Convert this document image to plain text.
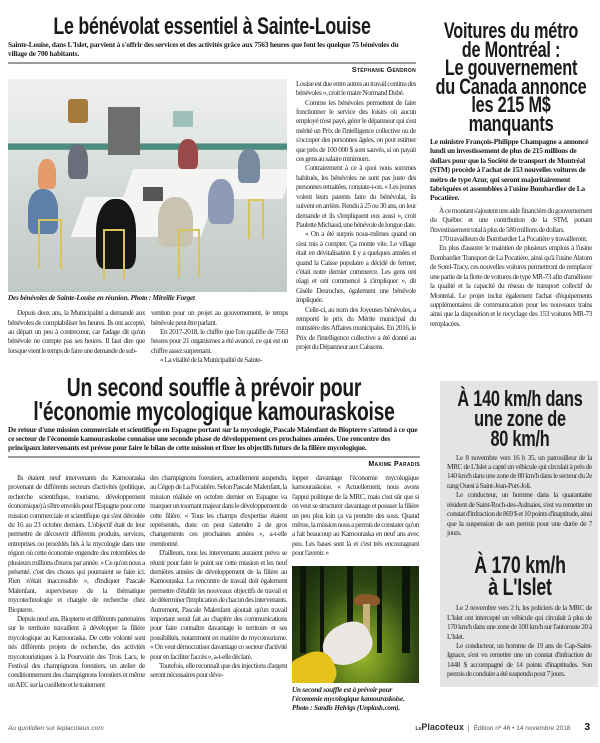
Le bénévolat essentiel à Sainte-Louise
Sainte-Louise, dans L'Islet, parvient à s'offrir des services et des activités grâce aux 7563 heures que font les quelque 75 bénévoles du village de 700 habitants.
Stéphanie Gendron
Des bénévoles de Sainte-Louise en réunion. Photo : Mireille Forget

Depuis deux ans, la Municipalité a demandé aux bénévoles de comptabiliser les heures. Ils ont accepté, au départ un peu à contrecœur, car l'adage dit qu'un bénévole ne compte pas ses heures. Il faut dire que lorsque vient le temps de faire une demande de sub-

vention pour un projet au gouvernement, le temps bénévole peut être parlant.

En 2017-2018, le chiffre que l'on qualifie de 7563 heures pour 21 organismes a été avancé, ce qui est un chiffre assez surprenant.

« La vitalité de la Municipalité de Sainte-

Louise est due entre autres au travail continu des bénévoles », croit le maire Normand Dubé.

Comme les bénévoles permettent de faire fonctionner le service des loisirs où aucun employé n'est payé, gérer le dépanneur qui s'est mérité un Prix de l'intelligence collective ou de s'occuper des personnes âgées, on peut estimer que près de 100 000 $ sont sauvés, si on payait ces gens au salaire minimum.

Contrairement à ce à quoi nous sommes habitués, les bénévoles ne sont pas juste des personnes retraitées, constate-t-on. « Les jeunes voient leurs parents faire du bénévolat, ils suivent en arrière. Rendu à 25 ou 30 ans, on leur demande et ils s'impliquent eux aussi », croit Paulette Michaud, une bénévole de longue date.

« On a été surpris nous-mêmes quand on s'est mis à compter. Ça monte vite. Le village était en dévitalisation il y a quelques années et quand la Caisse populaire a décidé de fermer, c'était notre dernier commerce. Les gens ont réagi et ont commencé à s'impliquer », dit Gisèle Desroches, également une bénévole impliquée.

Celle-ci, au nom des Joyeuses bénévoles, a remporté le prix du Mérite municipal du ministère des Affaires municipales. En 2016, le Prix de l'intelligence collective a été donné au projet du Dépanneur aux Caissons.

Voitures du métro
de Montréal :
Le gouvernement
du Canada annonce
les 215 M$
manquants
Le ministre François-Philippe Champagne a annoncé lundi un investissement de plus de 215 millions de dollars pour que la Société de transport de Montréal (STM) procède à l'achat de 153 nouvelles voitures de métro de type Azur, qui seront majoritairement fabriquées et assemblées à l'usine Bombardier de La Pocatière.

À ce montant s'ajoutent une aide financière du gouvernement du Québec et une contribution de la STM, portant l'investissement total à plus de 580 millions de dollars.

170 travailleurs de Bombardier La Pocatière y travailleront.

En plus d'assurer le maintien de plusieurs emplois à l'usine Bombardier Transport de La Pocatière, ainsi qu'à l'usine Alstom de Sorel-Tracy, ces nouvelles voitures permettront de remplacer une partie de la flotte de voitures de type MR-73 afin d'améliorer la qualité et la capacité du réseau de transport collectif de Montréal. Le projet inclut également l'achat d'équipements supplémentaires de communication pour les nouveaux trains ainsi que la disposition et le recyclage des 153 voitures MR-73 remplacées.

Un second souffle à prévoir pour
l'économie mycologique kamouraskoise
De retour d'une mission commerciale et scientifique en Espagne portant sur la mycologie, Pascale Malenfant de Biopterre s'attend à ce que ce secteur de l'économie kamouraskoise connaisse une seconde phase de développement ces prochaines années. Une rencontre des principaux intervenants est prévue pour faire le bilan de cette mission et fixer les objectifs futurs de la filière mycologique.
Maxime Paradis

Ils étaient neuf intervenants du Kamouraska provenant de différents secteurs d'activités (politique, recherche scientifique, tourisme, développement économique) à s'être envolés pour l'Espagne pour cette mission commerciale et scientifique qui s'est déroulée du 16 au 23 octobre derniers. L'objectif était de leur permettre de découvrir différents produits, services, entreprises ou procédés liés à la mycologie dans une région où cette économie engendre des retombées de plusieurs millions d'euros par année. « Ce qu'on nous a présenté, c'est des choses qui pourraient se faire ici. Rien n'était inaccessible », d'indiquer Pascale Malenfant, superviseure de la thématique mycotechnologie et chargée de recherche chez Biopterre.

Depuis neuf ans, Biopterre et différents partenaires sur le territoire travaillent à développer la filière mycologique au Kamouraska. De cette volonté sont nés différents projets de recherche, des activités mycotouristiques à la Pourvoirie des Trois Lacs, le Festival des champignons forestiers, un atelier de conditionnement des champignons forestiers et même un AEC sur la cueillette et le traitement

des champignons forestiers, actuellement suspendu, au Cégep de La Pocatière. Selon Pascale Malenfant, la mission réalisée en octobre dernier en Espagne va marquer un tournant majeur dans le développement de cette filière. « Tous les champs d'expertise étaient représentés, donc on peut s'attendre à de gros changements ces prochaines années », a-t-elle mentionné.

D'ailleurs, tous les intervenants auraient prévu se réunir pour faire le point sur cette mission et les neuf dernières années de développement de la filière au Kamouraska. La rencontre de travail doit également permettre d'établir les nouveaux objectifs de travail et de déterminer l'implication de chacun des intervenants. Autrement, Pascale Malenfant ajoutait qu'un travail important serait fait au chapitre des communications pour faire connaître davantage le territoire et ses possibilités, notamment en matière de mycotourisme. « On veut démocratiser davantage ce secteur d'activité pour en faciliter l'accès », a-t-elle déclaré.

Toutefois, elle reconnaît que des injections d'argent seront nécessaires pour déve-

lopper davantage l'économie mycologique kamouraskoise. « Actuellement, nous avons l'appui politique de la MRC, mais c'est sûr que si on veut se structurer davantage et pousser la filière un peu plus loin ça va prendre des sous. Quand même, la mission nous a permis de constater qu'on a fait beaucoup au Kamouraska en neuf ans avec peu. Les bases sont là et c'est très encourageant pour l'avenir. »

Un second souffle est à prévoir pour l'économie mycologique kamouraskoise. Photo : Sandis Helvigs (Unplash.com).
À 140 km/h dans
une zone de
80 km/h

Le 8 novembre vers 16 h 35, un patrouilleur de la MRC de L'Islet a capté un véhicule qui circulait à près de 140 km/h dans une zone de 80 km/h dans le secteur du 2e rang Ouest à Saint-Jean-Port-Joli.

Le conducteur, un homme dans la quarantaine résident de Saint-Roch-des-Aulnaies, s'est vu remettre un constat d'infraction de 869 $ et 10 points d'inaptitude, ainsi que la suspension de son permis pour une durée de 7 jours.

À 170 km/h
à L'Islet

Le 2 novembre vers 2 h, les policiers de la MRC de L'Islet ont intercepté un véhicule qui circulait à plus de 170 km/h dans une zone de 100 km/h sur l'autoroute 20 à L'Islet.

Le conducteur, un homme de 19 ans de Cap-Saint-Ignace, s'est vu remettre une un constat d'infraction de 1448 $ accompagné de 14 points d'inaptitudes. Son permis de conduire a été suspendu pour 7 jours.

Au quotidien sur leplacoteux.com	LePlacoteux | Édition nº 46 • 14 novembre 2018 3
